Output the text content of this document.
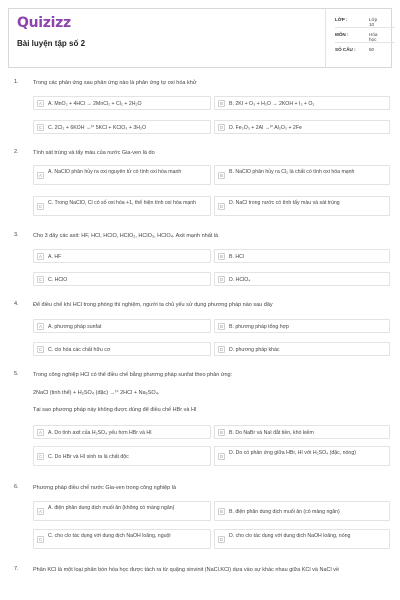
Quizizz
Bài luyện tập số 2
LỚP :	Lớp 10
MÔN :	Hóa học
SỐ CÂU :	50
1.	Trong các phản ứng sau phản ứng nào là phản ứng tự oxi hóa khử
A	A. MnO₂ + 4HCl → 2MnCl₂ + Cl₂ + 2H₂O	B	B. 2KI + O₃ + H₂O → 2KOH + I₂ + O₂
C	C. 2Cl₂ + 6KOH →ᵗ° 5KCl + KClO₃ + 3H₂O	D	D. Fe₂O₃ + 2Al →ᵗ° Al₂O₃ + 2Fe
2.	Tính sát trùng và tẩy màu của nước Gia-ven là do
A
A. NaClO phân hủy ra oxi nguyên tử có tính oxi hóa mạnh
B
B. NaClO phân hủy ra Cl₂ là chất có tính oxi hóa mạnh
C
C. Trong NaClO, Cl có số oxi hóa +1, thể hiện tính oxi hóa mạnh
D
D. NaCl trong nước có tính tẩy màu và sát trùng
3.	Cho 3 dãy các axit: HF, HCl, HClO, HClO₂, HClO₃, HClO₄. Axit mạnh nhất là
A	A. HF	B	B. HCl
C	C. HClO	D	D. HClO₄
4.	Để điều chế khí HCl trong phòng thí nghiệm, người ta chủ yếu sử dụng phương pháp nào sau đây
A	A. phương pháp sunfat	B	B. phương pháp tổng hợp
C	C. clo hóa các chất hữu cơ	D	D. phương pháp khác
5.	Trong công nghiệp HCl có thể điều chế bằng phương pháp sunfat theo phản ứng:
2NaCl (tinh thể) + H₂SO₄ (đặc) →ᵗ° 2HCl + Na₂SO₄.
Tại sao phương pháp này không được dùng để điều chế HBr và HI
A	A. Do tính axit của H₂SO₄ yếu hơn HBr và HI	B	B. Do NaBr và NaI đắt tiền, khó kiếm
C	C. Do HBr và HI sinh ra là chất độc	D
D. Do có phản ứng giữa HBr, HI với H₂SO₄ (đặc, nóng)
6.	Phương pháp điều chế nước Gia-ven trong công nghiệp là
A
A. điện phân dung dịch muối ăn (không có màng ngăn)
B	B. điện phân dung dịch muối ăn (có màng ngăn)
C
C. cho clo tác dụng với dung dịch NaOH loãng, nguội
D
D. cho clo tác dụng với dung dịch NaOH loãng, nóng
7.	Phân KCl là một loại phân bón hóa học được tách ra từ quặng xinvinit (NaCl.KCl) dựa vào sự khác nhau giữa KCl và NaCl về
